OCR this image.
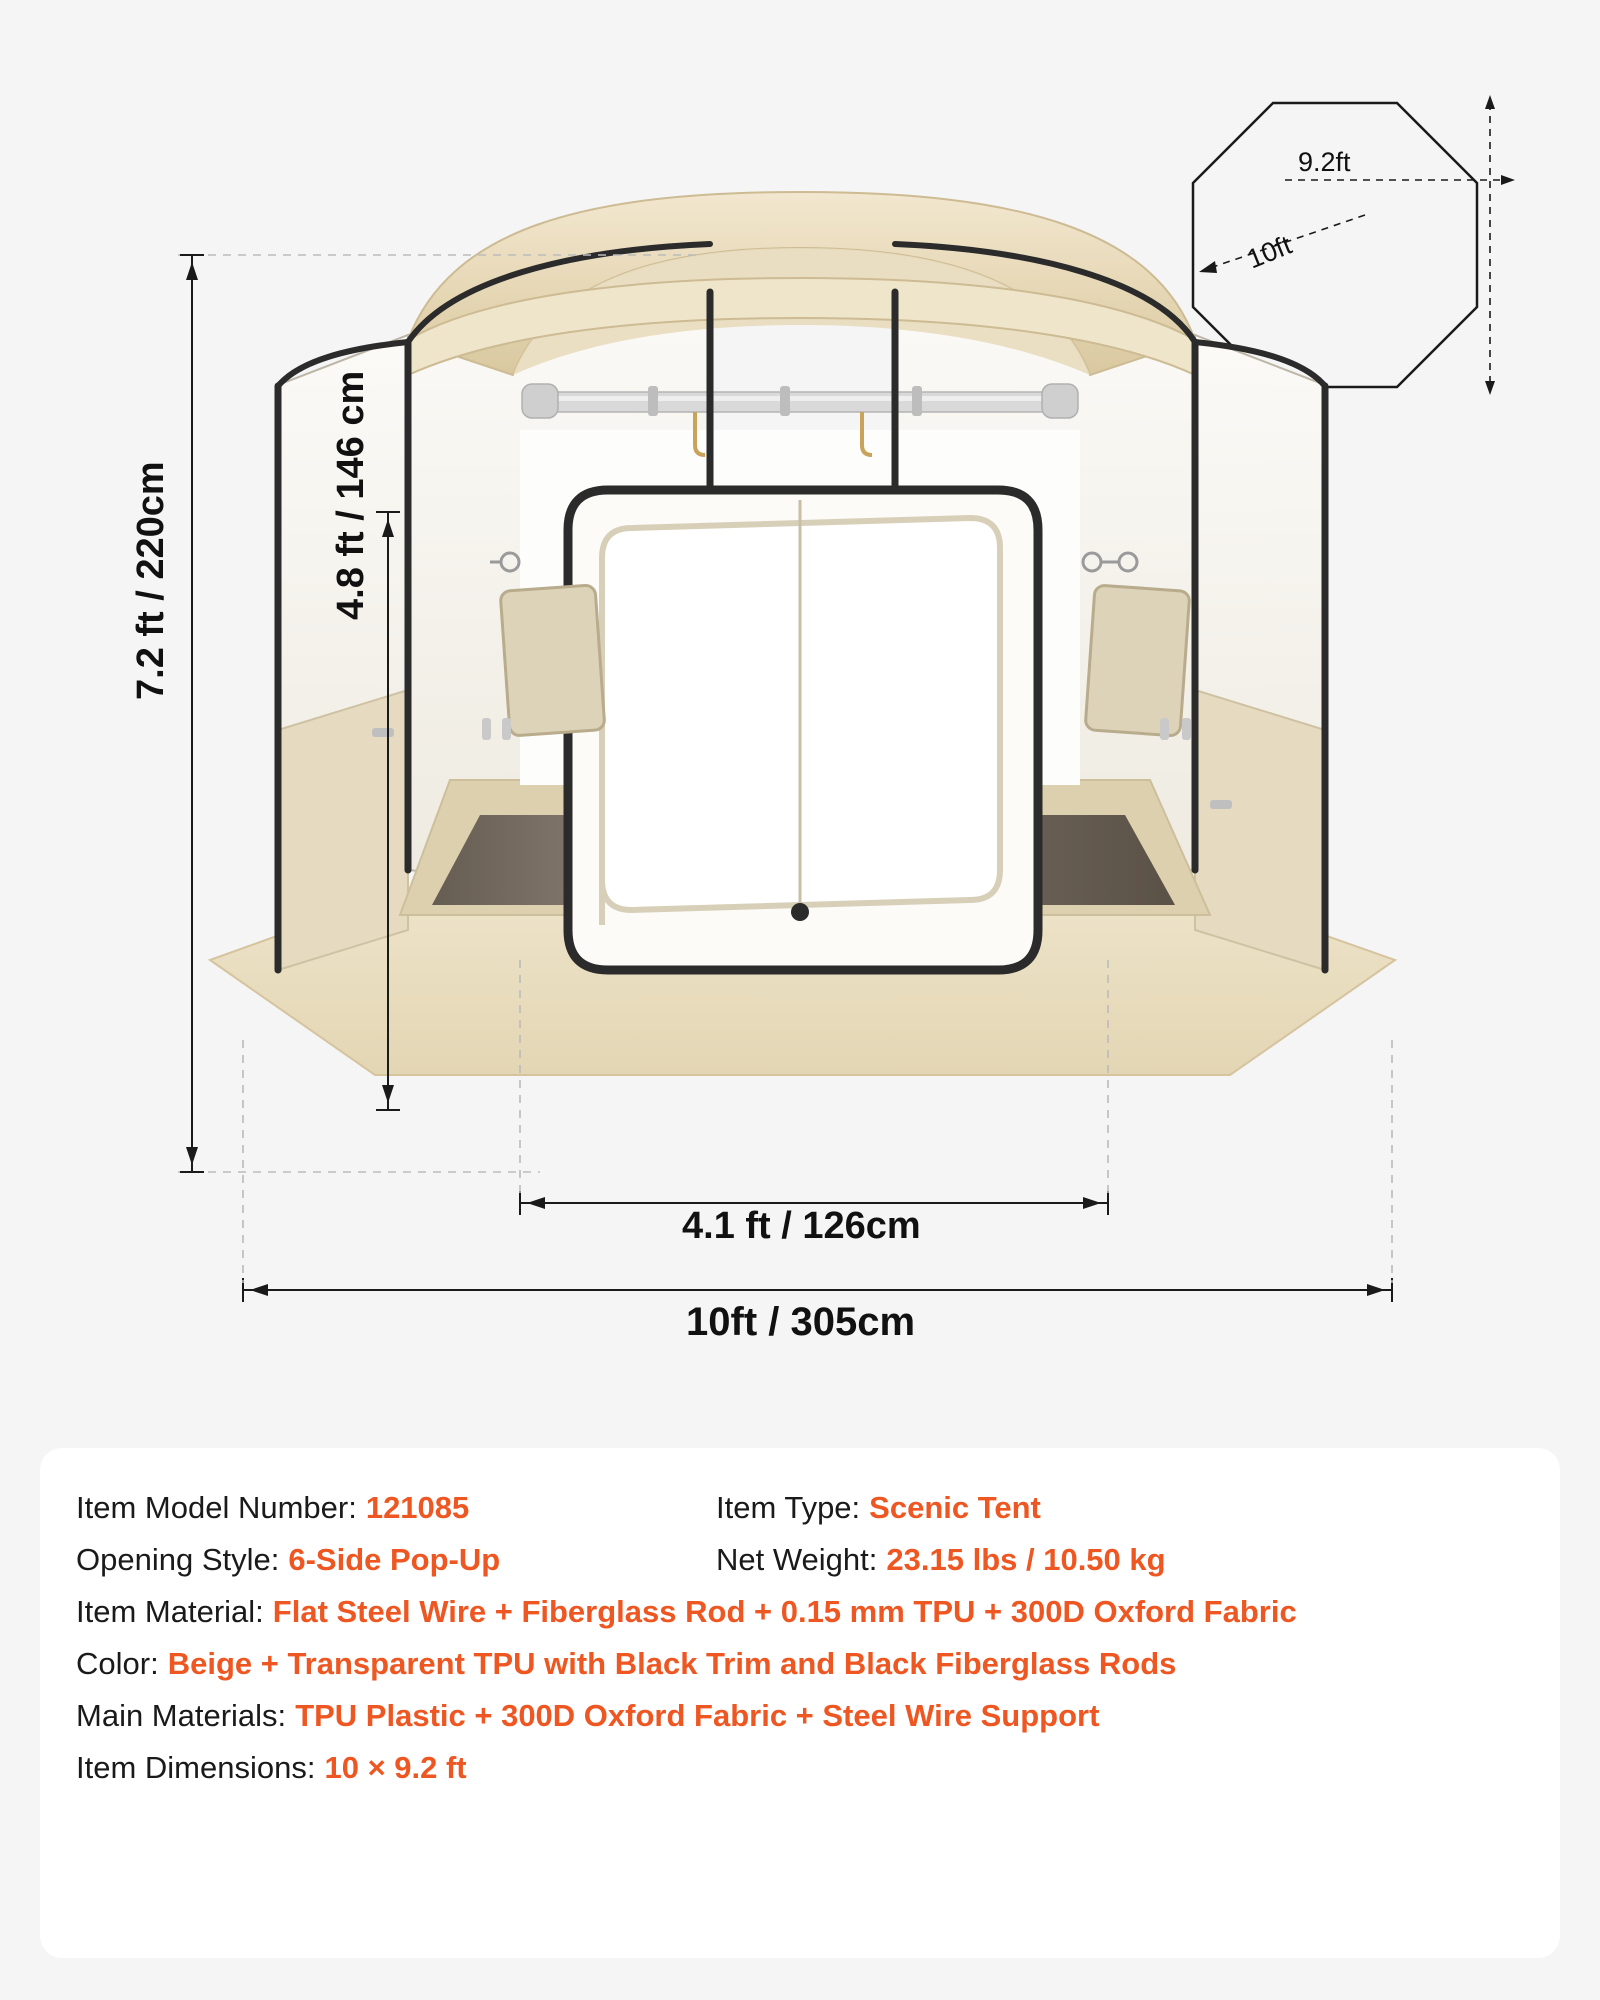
9.2ft
10ft
7.2 ft / 220cm	4.8 ft / 146 cm
4.1 ft / 126cm
10ft / 305cm
Item Model Number: 121085	Item Type: Scenic Tent
Opening Style: 6-Side Pop-Up	Net Weight: 23.15 lbs / 10.50 kg
Item Material: Flat Steel Wire + Fiberglass Rod + 0.15 mm TPU + 300D Oxford Fabric
Color: Beige + Transparent TPU with Black Trim and Black Fiberglass Rods
Main Materials: TPU Plastic + 300D Oxford Fabric + Steel Wire Support
Item Dimensions: 10 × 9.2 ft
